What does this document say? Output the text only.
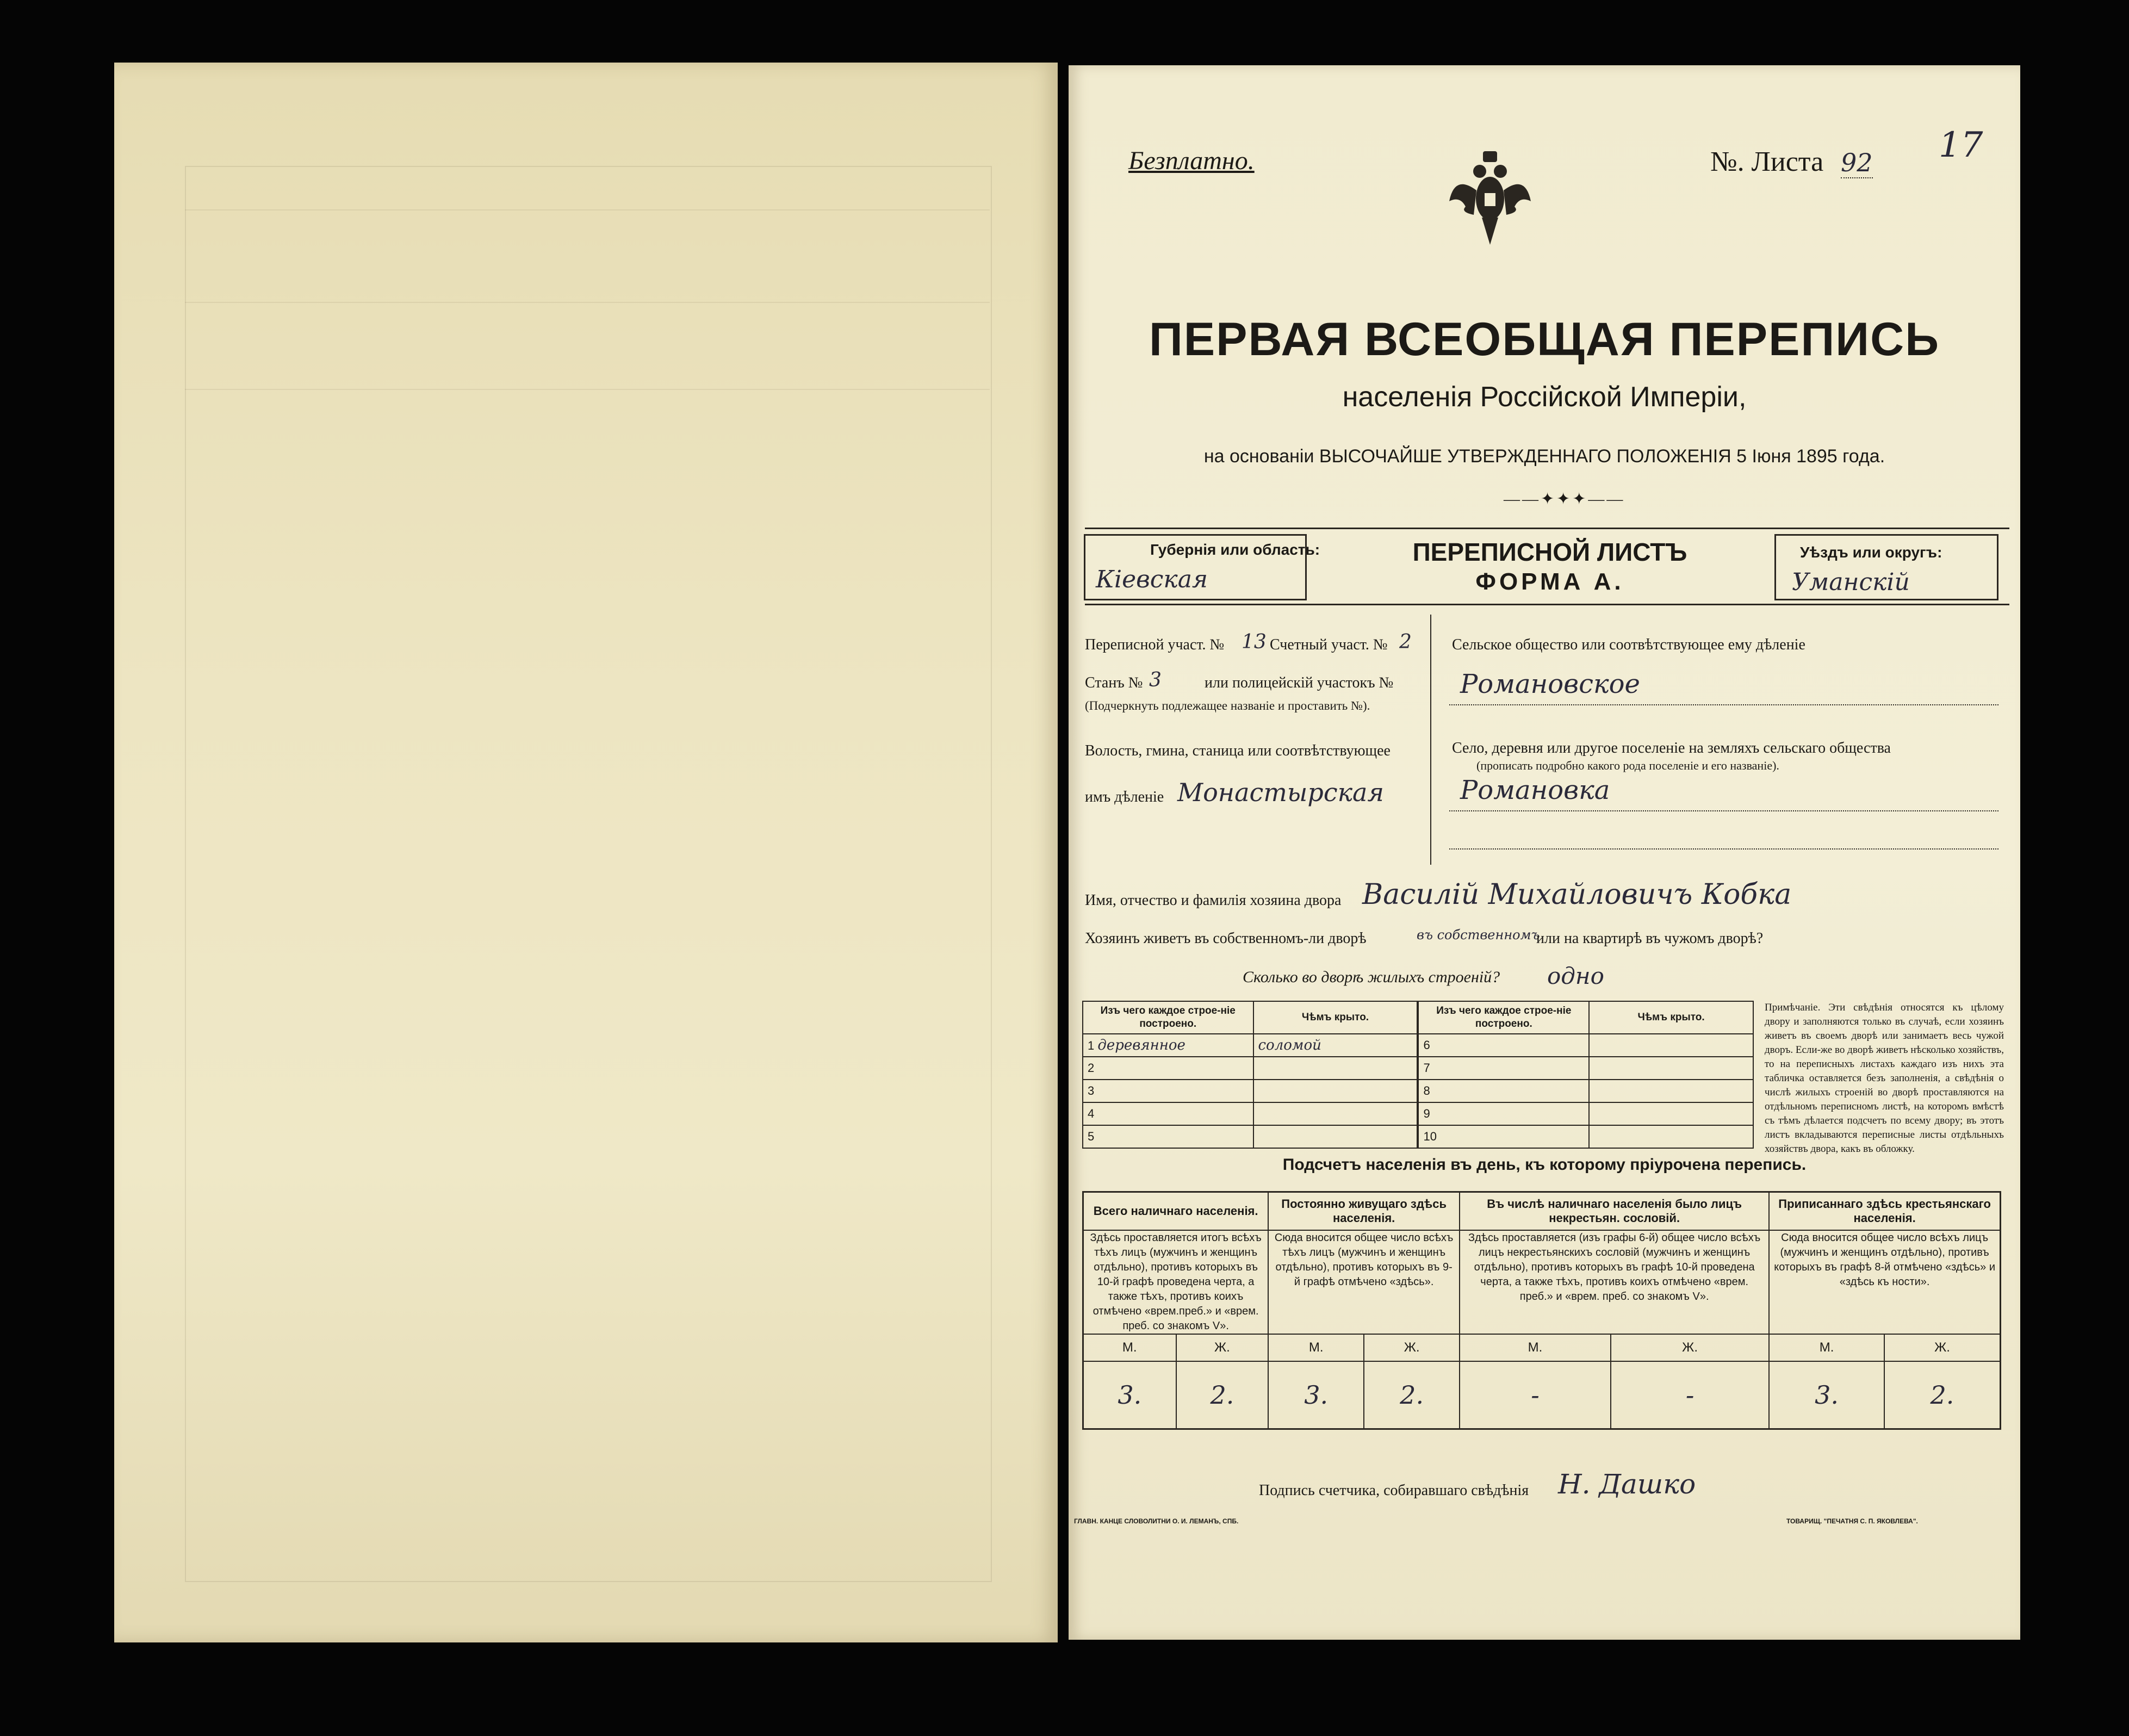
Безплатно.	№. Листа 92 17
ПЕРВАЯ ВСЕОБЩАЯ ПЕРЕПИСЬ
населенія Россійской Имперіи,
на основаніи ВЫСОЧАЙШЕ УТВЕРЖДЕННАГО ПОЛОЖЕНІЯ 5 Іюня 1895 года.
——✦✦✦——
Губернія или область:
Кіевская
ПЕРЕПИСНОЙ ЛИСТЪ
ФОРМА А.
Уѣздъ или округъ:
Уманскій
Переписной участ. № 13 Счетный участ. № 2
Станъ № 3	или полицейскій участокъ №
(Подчеркнуть подлежащее названіе и проставить №).
Волость, гмина, станица или соотвѣтствующее
имъ дѣленіе Монастырская
Сельское общество или соотвѣтствующее ему дѣленіе
Романовское
Село, деревня или другое поселеніе на земляхъ сельскаго общества
(прописать подробно какого рода поселеніе и его названіе).
Романовка
Имя, отчество и фамилія хозяина двора Василій Михайловичъ Кобка
Хозяинъ живетъ въ собственномъ-ли дворѣ	въ собственномъ
или на квартирѣ въ чужомъ дворѣ?
Сколько во дворѣ жилыхъ строеній? одно
Изъ чего каждое строе-ніе построено.	Чѣмъ крыто.	Изъ чего каждое строе-ніе построено.	Чѣмъ крыто.
1 деревянное	соломой	6	
2		7	
3		8	
4		9	
5		10	
Примѣчаніе. Эти свѣдѣнія относятся къ цѣлому двору и заполняются только въ случаѣ, если хозяинъ живетъ въ своемъ дворѣ или занимаетъ весь чужой дворъ. Если-же во дворѣ живетъ нѣсколько хозяйствъ, то на переписныхъ листахъ каждаго изъ нихъ эта табличка оставляется безъ заполненія, а свѣдѣнія о числѣ жилыхъ строеній во дворѣ проставляются на отдѣльномъ переписномъ листѣ, на которомъ вмѣстѣ съ тѣмъ дѣлается подсчетъ по всему двору; въ этотъ листъ вкладываются переписные листы отдѣльныхъ хозяйствъ двора, какъ въ обложку.
Подсчетъ населенія въ день, къ которому пріурочена перепись.
Всего наличнаго населенія.		Постоянно живущаго здѣсь населенія.		Въ числѣ наличнаго населенія было лицъ некрестьян. сословій.		Приписаннаго здѣсь крестьянскаго населенія.	
Здѣсь проставляется итогъ всѣхъ тѣхъ лицъ (мужчинъ и женщинъ отдѣльно), противъ которыхъ въ 10-й графѣ проведена черта, а также тѣхъ, противъ коихъ отмѣчено «врем.преб.» и «врем. преб. со знакомъ V».		Сюда вносится общее число всѣхъ тѣхъ лицъ (мужчинъ и женщинъ отдѣльно), противъ которыхъ въ 9-й графѣ отмѣчено «здѣсь».		Здѣсь проставляется (изъ графы 6-й) общее число всѣхъ лицъ некрестьянскихъ сословій (мужчинъ и женщинъ отдѣльно), противъ которыхъ въ графѣ 10-й проведена черта, а также тѣхъ, противъ коихъ отмѣчено «врем. преб.» и «врем. преб. со знакомъ V».		Сюда вносится общее число всѣхъ лицъ (мужчинъ и женщинъ отдѣльно), противъ которыхъ въ графѣ 8-й отмѣчено «здѣсь» и «здѣсь къ ности».	
М.	Ж.	М.	Ж.	М.	Ж.	М.	Ж.
3.	2.	3.	2.	-	-	3.	2.
Подпись счетчика, собиравшаго свѣдѣнія Н. Дашко
ГЛАВН. КАНЦЕ СЛОВОЛИТНИ О. И. ЛЕМАНЪ, СПБ.	ТОВАРИЩ. "ПЕЧАТНЯ С. П. ЯКОВЛЕВА".
